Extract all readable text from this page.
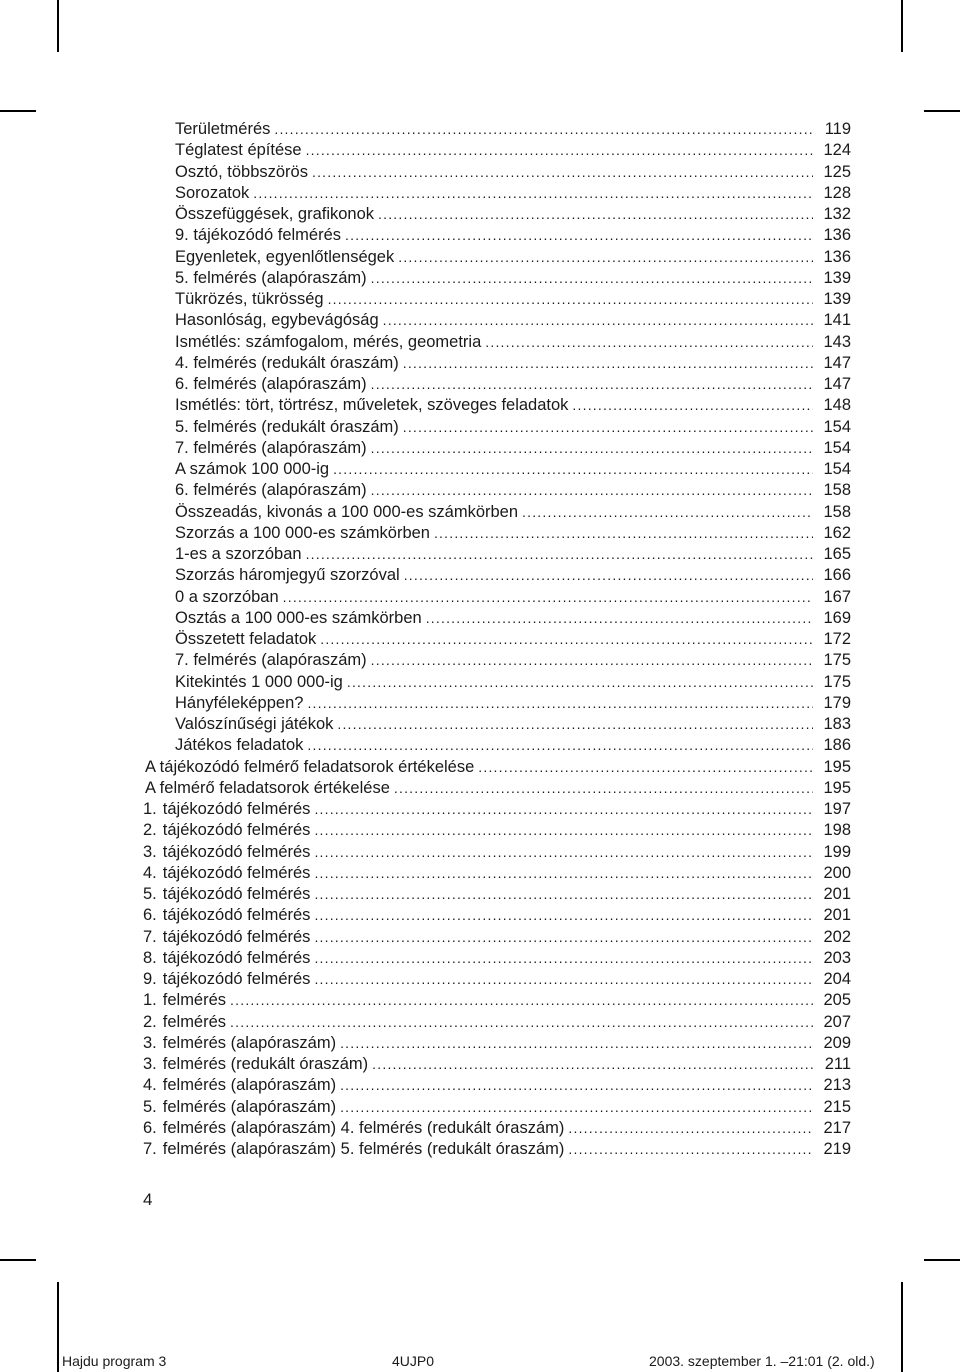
Területmérés .....	119
Téglatest építése .....	124
Osztó, többszörös .....	125
Sorozatok .....	128
Összefüggések, grafikonok .....	132
9. tájékozódó felmérés .....	136
Egyenletek, egyenlőtlenségek .....	136
5. felmérés (alapóraszám) .....	139
Tükrözés, tükrösség .....	139
Hasonlóság, egybevágóság .....	141
Ismétlés: számfogalom, mérés, geometria .....	143
4. felmérés (redukált óraszám) .....	147
6. felmérés (alapóraszám) .....	147
Ismétlés: tört, törtrész, műveletek, szöveges feladatok .....	148
5. felmérés (redukált óraszám) .....	154
7. felmérés (alapóraszám) .....	154
A számok 100 000-ig .....	154
6. felmérés (alapóraszám) .....	158
Összeadás, kivonás a 100 000-es számkörben .....	158
Szorzás a 100 000-es számkörben .....	162
1-es a szorzóban .....	165
Szorzás háromjegyű szorzóval .....	166
0 a szorzóban .....	167
Osztás a 100 000-es számkörben .....	169
Összetett feladatok .....	172
7. felmérés (alapóraszám) .....	175
Kitekintés 1 000 000-ig .....	175
Hányféleképpen? .....	179
Valószínűségi játékok .....	183
Játékos feladatok .....	186
A tájékozódó felmérő feladatsorok értékelése .....	195
A felmérő feladatsorok értékelése .....	195
1. tájékozódó felmérés .....	197
2. tájékozódó felmérés .....	198
3. tájékozódó felmérés .....	199
4. tájékozódó felmérés .....	200
5. tájékozódó felmérés .....	201
6. tájékozódó felmérés .....	201
7. tájékozódó felmérés .....	202
8. tájékozódó felmérés .....	203
9. tájékozódó felmérés .....	204
1. felmérés .....	205
2. felmérés .....	207
3. felmérés (alapóraszám) .....	209
3. felmérés (redukált óraszám) .....	211
4. felmérés (alapóraszám) .....	213
5. felmérés (alapóraszám) .....	215
6. felmérés (alapóraszám) 4. felmérés (redukált óraszám) .....	217
7. felmérés (alapóraszám) 5. felmérés (redukált óraszám) .....	219
4
Hajdu program 3	4UJP0	2003. szeptember 1. –21:01 (2. old.)
